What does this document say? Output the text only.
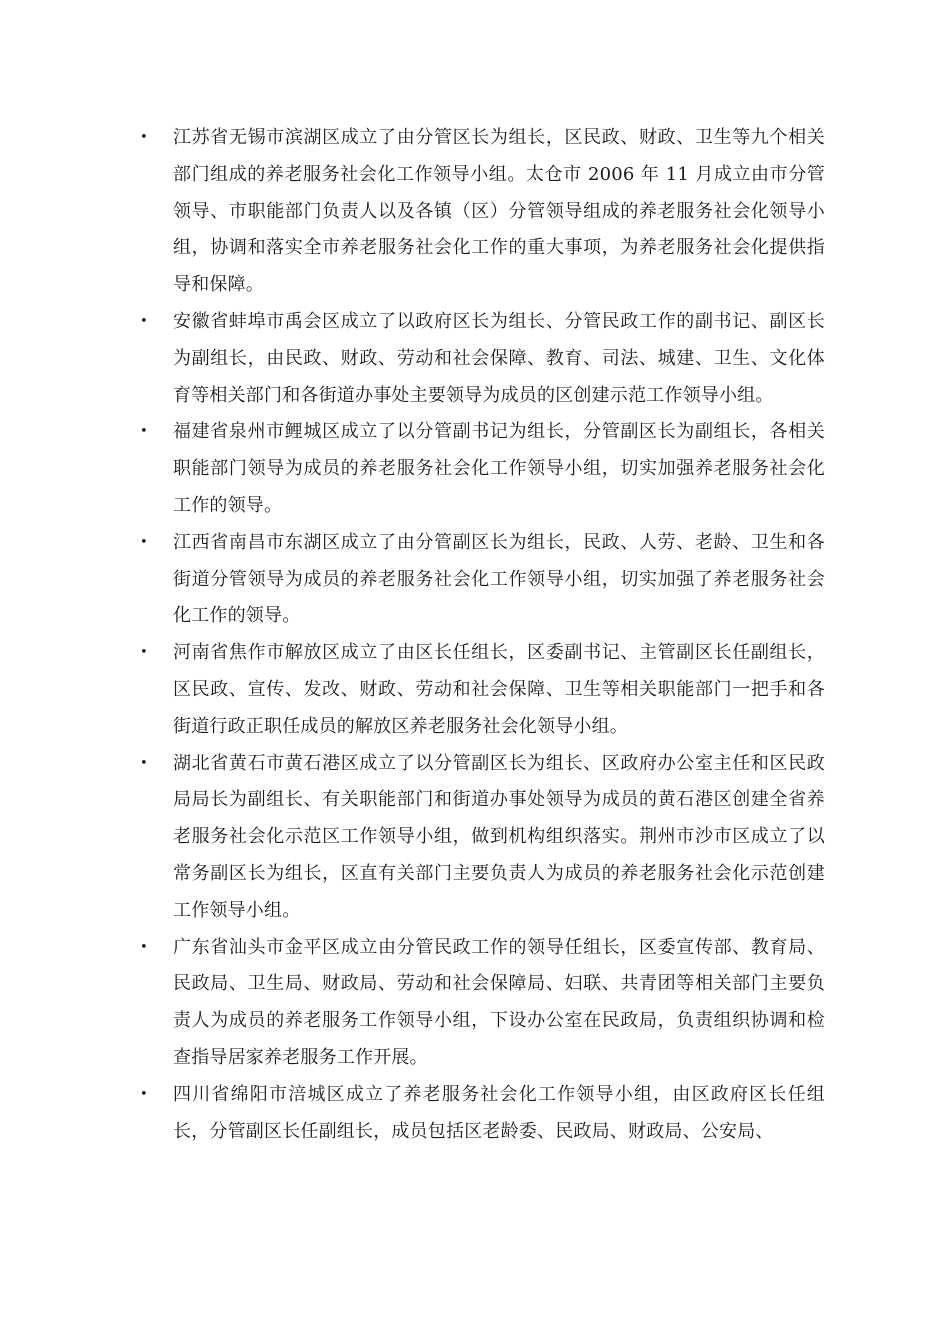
• 江苏省无锡市滨湖区成立了由分管区长为组长，区民政、财政、卫生等九个相关部门组成的养老服务社会化工作领导小组。太仓市 2006 年 11 月成立由市分管领导、市职能部门负责人以及各镇（区）分管领导组成的养老服务社会化领导小组，协调和落实全市养老服务社会化工作的重大事项，为养老服务社会化提供指导和保障。
• 安徽省蚌埠市禹会区成立了以政府区长为组长、分管民政工作的副书记、副区长为副组长，由民政、财政、劳动和社会保障、教育、司法、城建、卫生、文化体育等相关部门和各街道办事处主要领导为成员的区创建示范工作领导小组。
• 福建省泉州市鲤城区成立了以分管副书记为组长，分管副区长为副组长，各相关职能部门领导为成员的养老服务社会化工作领导小组，切实加强养老服务社会化工作的领导。
• 江西省南昌市东湖区成立了由分管副区长为组长，民政、人劳、老龄、卫生和各街道分管领导为成员的养老服务社会化工作领导小组，切实加强了养老服务社会化工作的领导。
• 河南省焦作市解放区成立了由区长任组长，区委副书记、主管副区长任副组长，区民政、宣传、发改、财政、劳动和社会保障、卫生等相关职能部门一把手和各街道行政正职任成员的解放区养老服务社会化领导小组。
• 湖北省黄石市黄石港区成立了以分管副区长为组长、区政府办公室主任和区民政局局长为副组长、有关职能部门和街道办事处领导为成员的黄石港区创建全省养老服务社会化示范区工作领导小组，做到机构组织落实。荆州市沙市区成立了以常务副区长为组长，区直有关部门主要负责人为成员的养老服务社会化示范创建工作领导小组。
• 广东省汕头市金平区成立由分管民政工作的领导任组长，区委宣传部、教育局、民政局、卫生局、财政局、劳动和社会保障局、妇联、共青团等相关部门主要负责人为成员的养老服务工作领导小组，下设办公室在民政局，负责组织协调和检查指导居家养老服务工作开展。
• 四川省绵阳市涪城区成立了养老服务社会化工作领导小组，由区政府区长任组长，分管副区长任副组长，成员包括区老龄委、民政局、财政局、公安局、
